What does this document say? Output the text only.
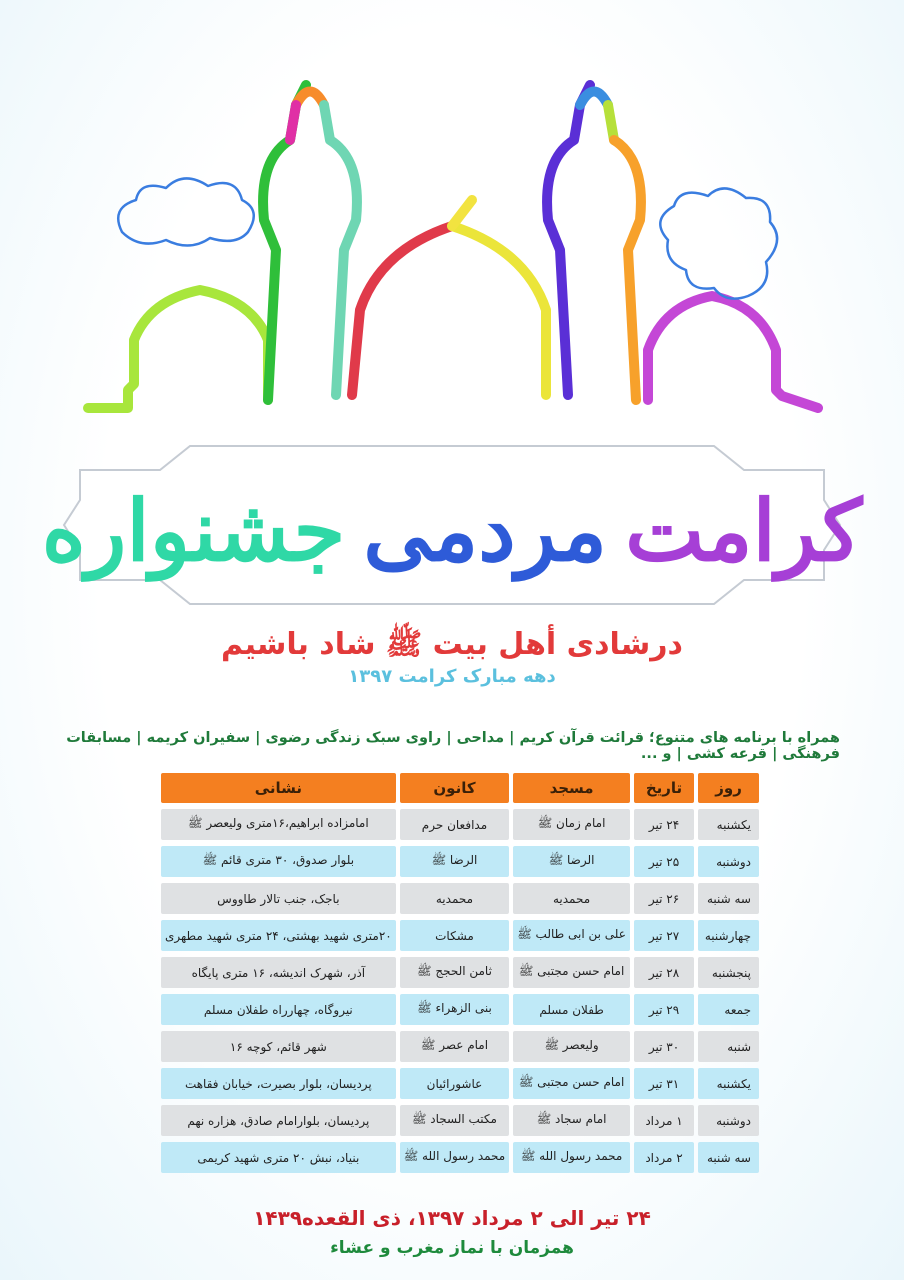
جشنواره مردمی کرامت
درشادی أهل بیت ﷺ شاد باشیم
دهه مبارک کرامت ۱۳۹۷
همراه با برنامه های متنوع؛ قرائت قرآن کریم | مداحی | راوی سبک زندگی رضوی | سفیران کریمه | مسابقات فرهنگی | قرعه کشی | و ...
روز	تاریخ	مسجد	کانون	نشانی
یکشنبه	۲۴ تیر	امام زمان ﷺ	مدافعان حرم	امامزاده ابراهیم،۱۶متری ولیعصر ﷺ
دوشنبه	۲۵ تیر	الرضا ﷺ	الرضا ﷺ	بلوار صدوق، ۳۰ متری قائم ﷺ
سه شنبه	۲۶ تیر	محمدیه	محمدیه	باجک، جنب تالار طاووس
چهارشنبه	۲۷ تیر	علی بن ابی طالب ﷺ	مشکات	۲۰متری شهید بهشتی، ۲۴ متری شهید مطهری
پنجشنبه	۲۸ تیر	امام حسن مجتبی ﷺ	ثامن الحجج ﷺ	آذر، شهرک اندیشه، ۱۶ متری پایگاه
جمعه	۲۹ تیر	طفلان مسلم	بنی الزهراء ﷺ	نیروگاه، چهارراه طفلان مسلم
شنبه	۳۰ تیر	ولیعصر ﷺ	امام عصر ﷺ	شهر قائم، کوچه ۱۶
یکشنبه	۳۱ تیر	امام حسن مجتبی ﷺ	عاشورائیان	پردیسان، بلوار بصیرت، خیابان فقاهت
دوشنبه	۱ مرداد	امام سجاد ﷺ	مکتب السجاد ﷺ	پردیسان، بلوارامام صادق، هزاره نهم
سه شنبه	۲ مرداد	محمد رسول الله ﷺ	محمد رسول الله ﷺ	بنیاد، نبش ۲۰ متری شهید کریمی
۲۴ تیر الی ۲ مرداد ۱۳۹۷، ذی القعده۱۴۳۹
همزمان با نماز مغرب و عشاء
